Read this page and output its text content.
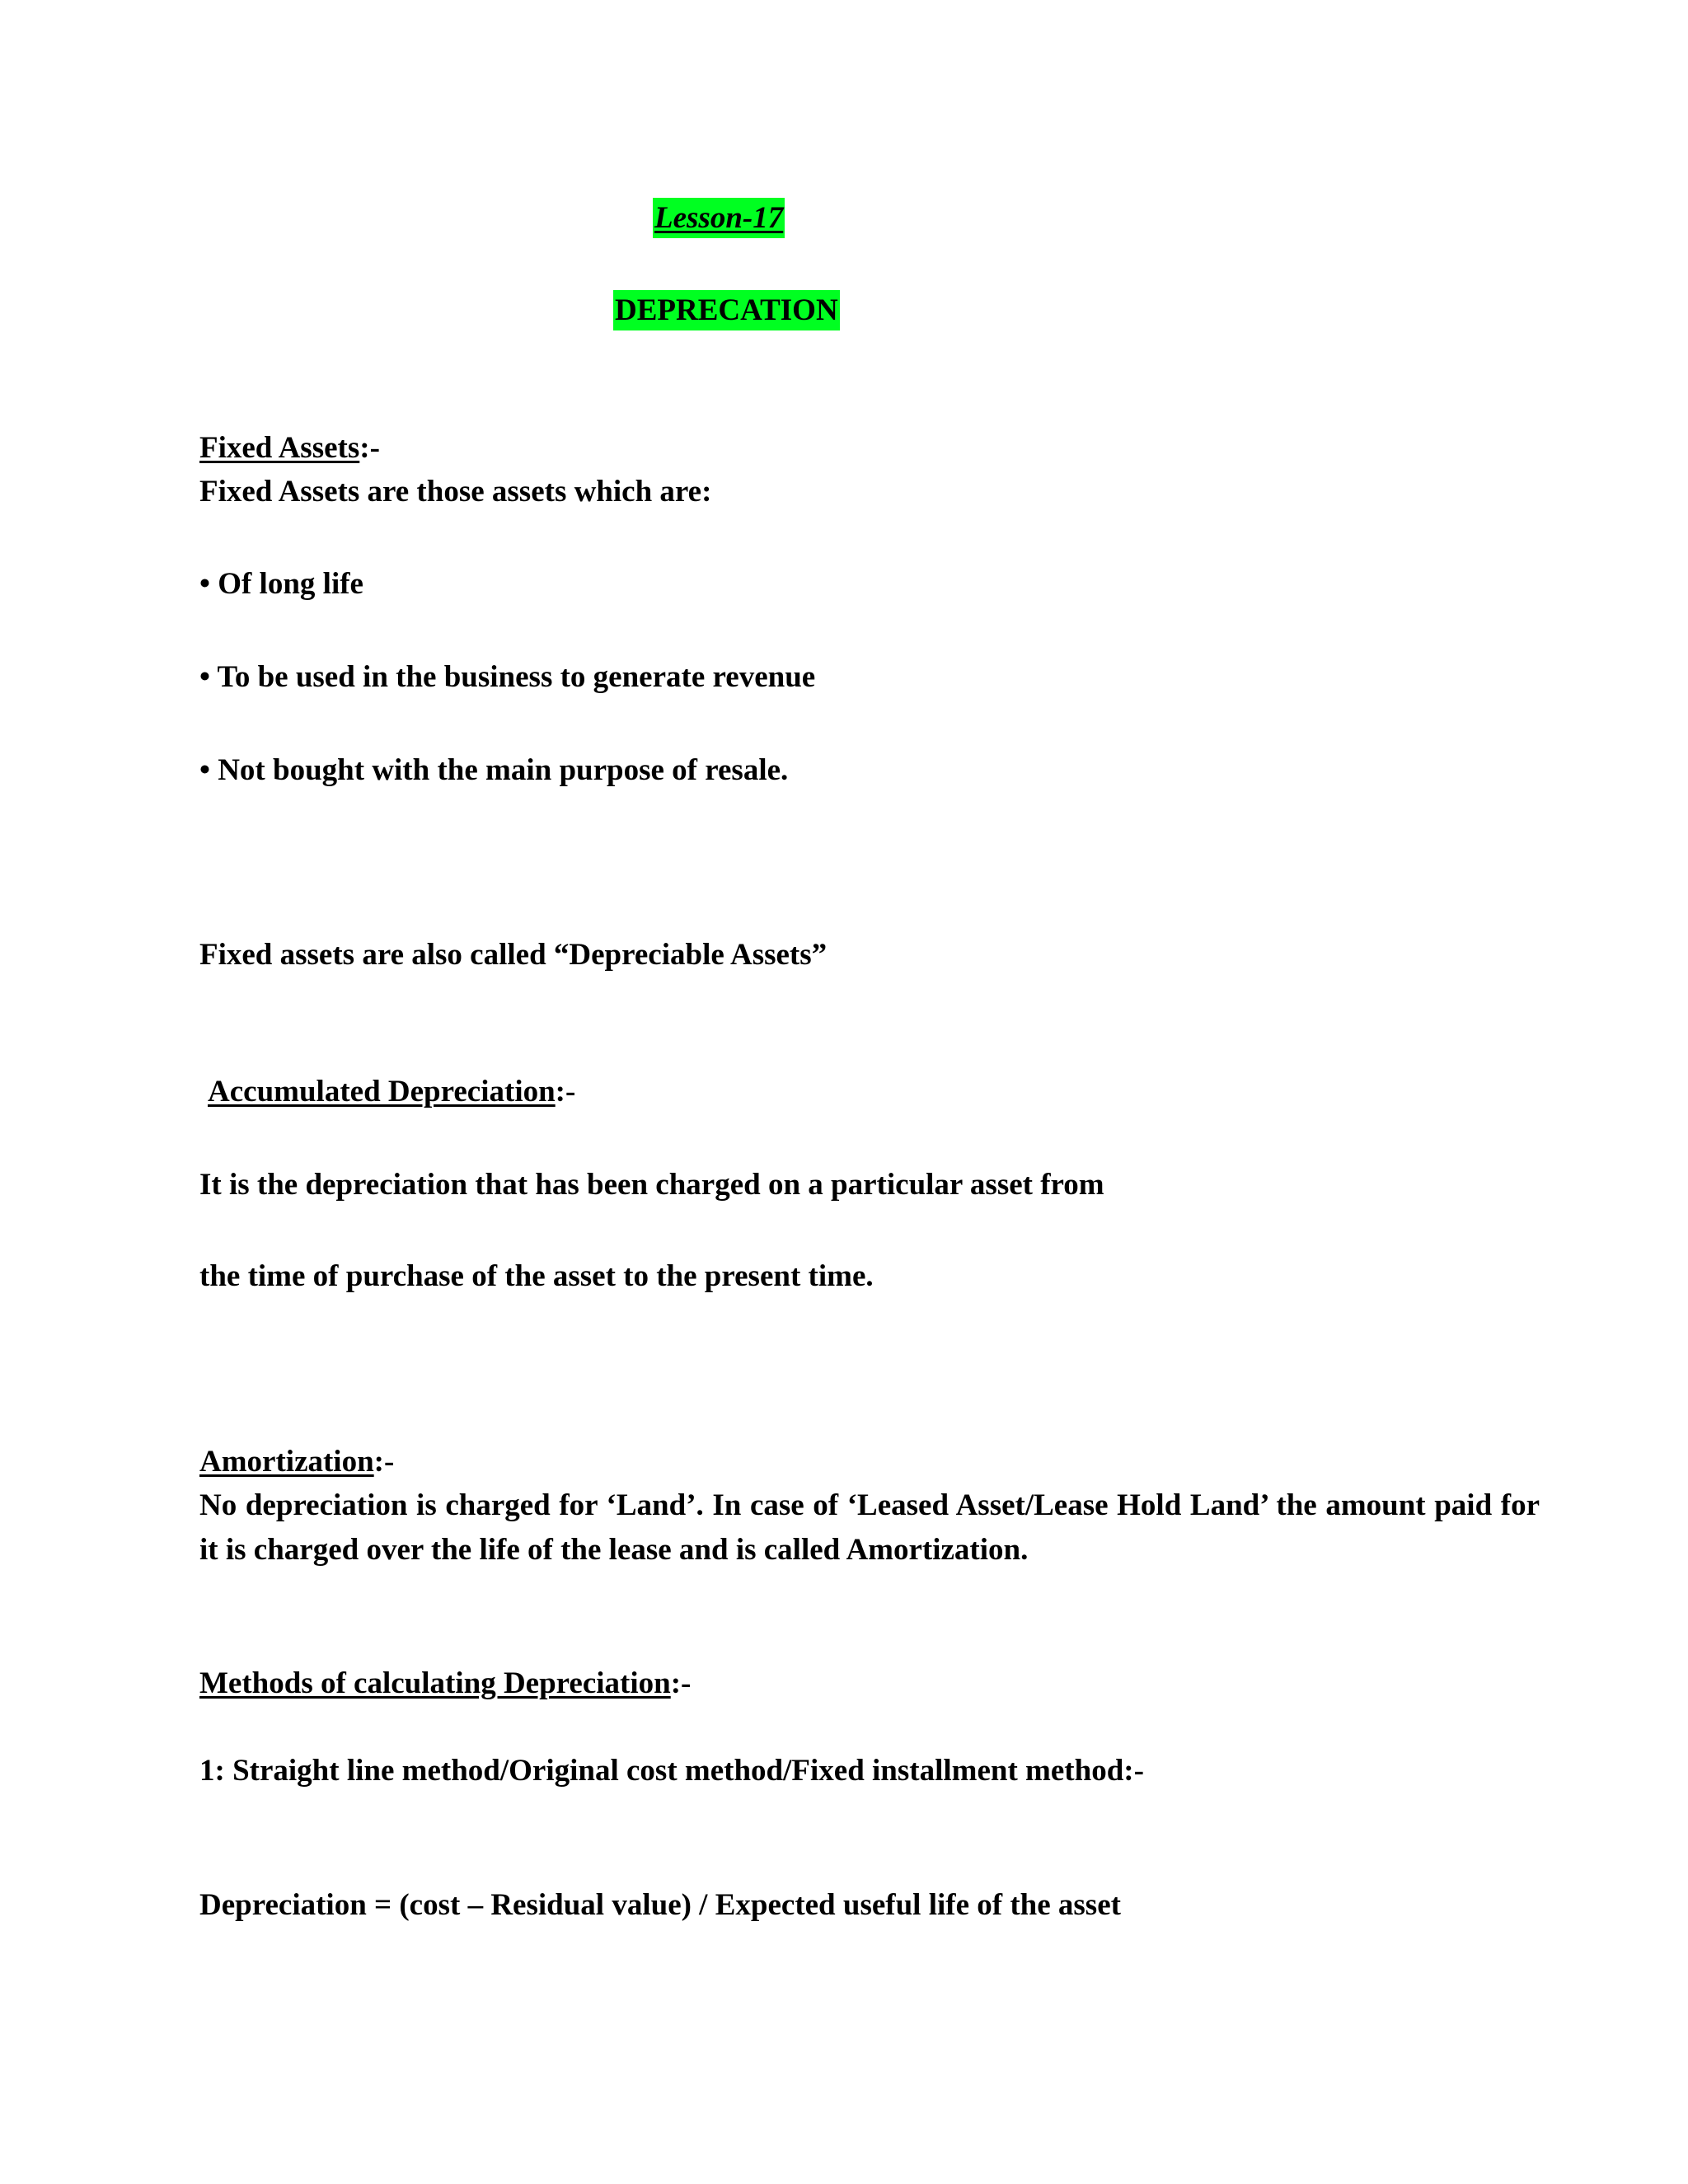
Lesson-17
DEPRECATION
Fixed Assets:-
Fixed Assets are those assets which are:
• Of long life
• To be used in the business to generate revenue
• Not bought with the main purpose of resale.
Fixed assets are also called “Depreciable Assets”
Accumulated Depreciation:-
It is the depreciation that has been charged on a particular asset from
the time of purchase of the asset to the present time.
Amortization:-
No depreciation is charged for ‘Land’. In case of ‘Leased Asset/Lease Hold Land’ the amount paid for it is charged over the life of the lease and is called Amortization.
Methods of calculating Depreciation:-
1: Straight line method/Original cost method/Fixed installment method:-
Depreciation = (cost – Residual value) / Expected useful life of the asset
